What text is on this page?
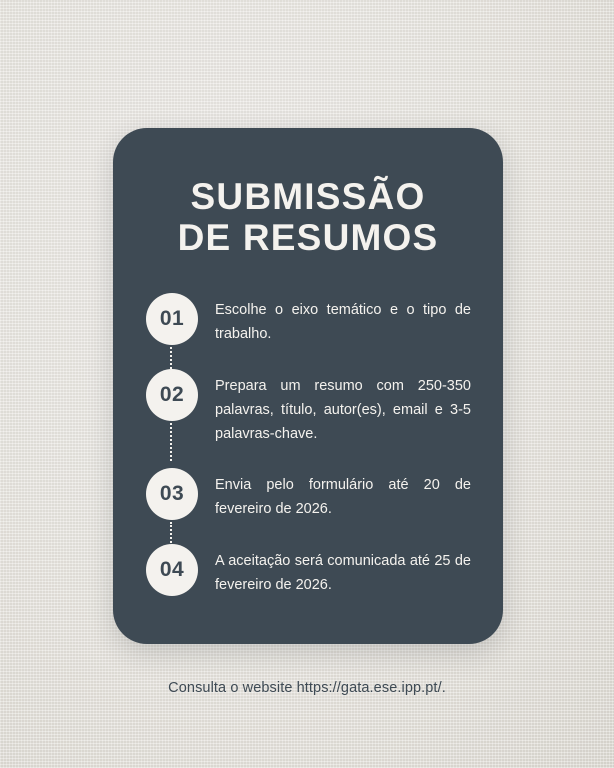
SUBMISSÃO
DE RESUMOS
01	Escolhe o eixo temático e o tipo de trabalho.
02	Prepara um resumo com 250-350 palavras, título, autor(es), email e 3-5 palavras-chave.
03	Envia pelo formulário até 20 de fevereiro de 2026.
04	A aceitação será comunicada até 25 de fevereiro de 2026.
Consulta o website https://gata.ese.ipp.pt/.
